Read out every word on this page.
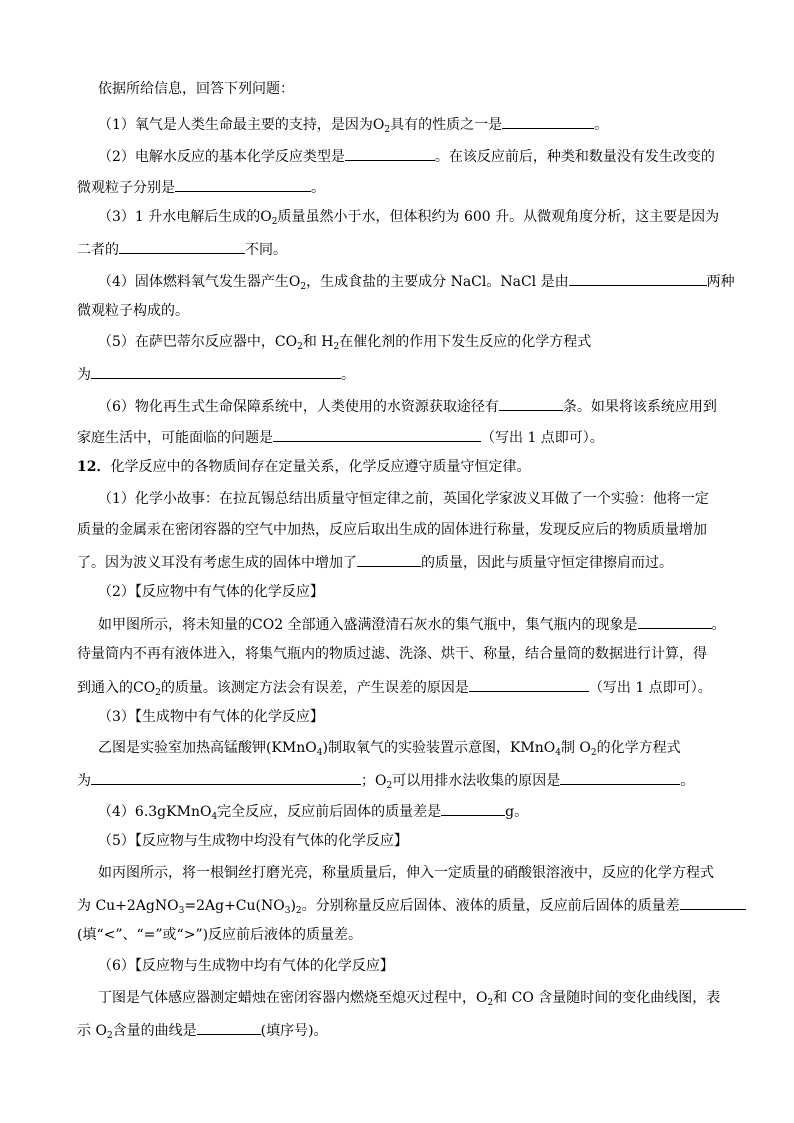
依据所给信息，回答下列问题：
（1）氧气是人类生命最主要的支持，是因为$O_2$具有的性质之一是	。
（2）电解水反应的基本化学反应类型是	。在该反应前后，种类和数量没有发生改变的
微观粒子分别是	。
（3）1 升水电解后生成的$O_2$质量虽然小于水，但体积约为 600 升。从微观角度分析，这主要是因为
二者的	不同。
（4）固体燃料氧气发生器产生$O_2$，生成食盐的主要成分 NaCl。NaCl 是由	两种
微观粒子构成的。
（5）在萨巴蒂尔反应器中，$CO_2$和 $H_2$在催化剂的作用下发生反应的化学方程式
为	。
（6）物化再生式生命保障系统中，人类使用的水资源获取途径有	条。如果将该系统应用到
家庭生活中，可能面临的问题是	（写出 1 点即可）。
12．化学反应中的各物质间存在定量关系，化学反应遵守质量守恒定律。
（1）化学小故事：在拉瓦锡总结出质量守恒定律之前，英国化学家波义耳做了一个实验：他将一定
质量的金属汞在密闭容器的空气中加热，反应后取出生成的固体进行称量，发现反应后的物质质量增加
了。因为波义耳没有考虑生成的固体中增加了	的质量，因此与质量守恒定律擦肩而过。
（2）【反应物中有气体的化学反应】
如甲图所示，将未知量的CO2 全部通入盛满澄清石灰水的集气瓶中，集气瓶内的现象是	。
待量筒内不再有液体进入，将集气瓶内的物质过滤、洗涤、烘干、称量，结合量筒的数据进行计算，得
到通入的$CO_2$的质量。该测定方法会有误差，产生误差的原因是	（写出 1 点即可）。
（3）【生成物中有气体的化学反应】
乙图是实验室加热高锰酸钾(KMnO$_4$)制取氧气的实验装置示意图，KMnO$_4$制 $O_2$的化学方程式
为	；$O_2$可以用排水法收集的原因是	。
（4）6.3gKMnO$_4$完全反应，反应前后固体的质量差是	g。
（5）【反应物与生成物中均没有气体的化学反应】
如丙图所示，将一根铜丝打磨光亮，称量质量后，伸入一定质量的硝酸银溶液中，反应的化学方程式
为 $Cu+2AgNO_3=2Ag+Cu(NO_3)_2$。分别称量反应后固体、液体的质量，反应前后固体的质量差
(填“<”、“=”或“>”)反应前后液体的质量差。
（6）【反应物与生成物中均有气体的化学反应】
丁图是气体感应器测定蜡烛在密闭容器内燃烧至熄灭过程中，$O_2$和 CO 含量随时间的变化曲线图，表
示 $O_2$含量的曲线是	(填序号)。
